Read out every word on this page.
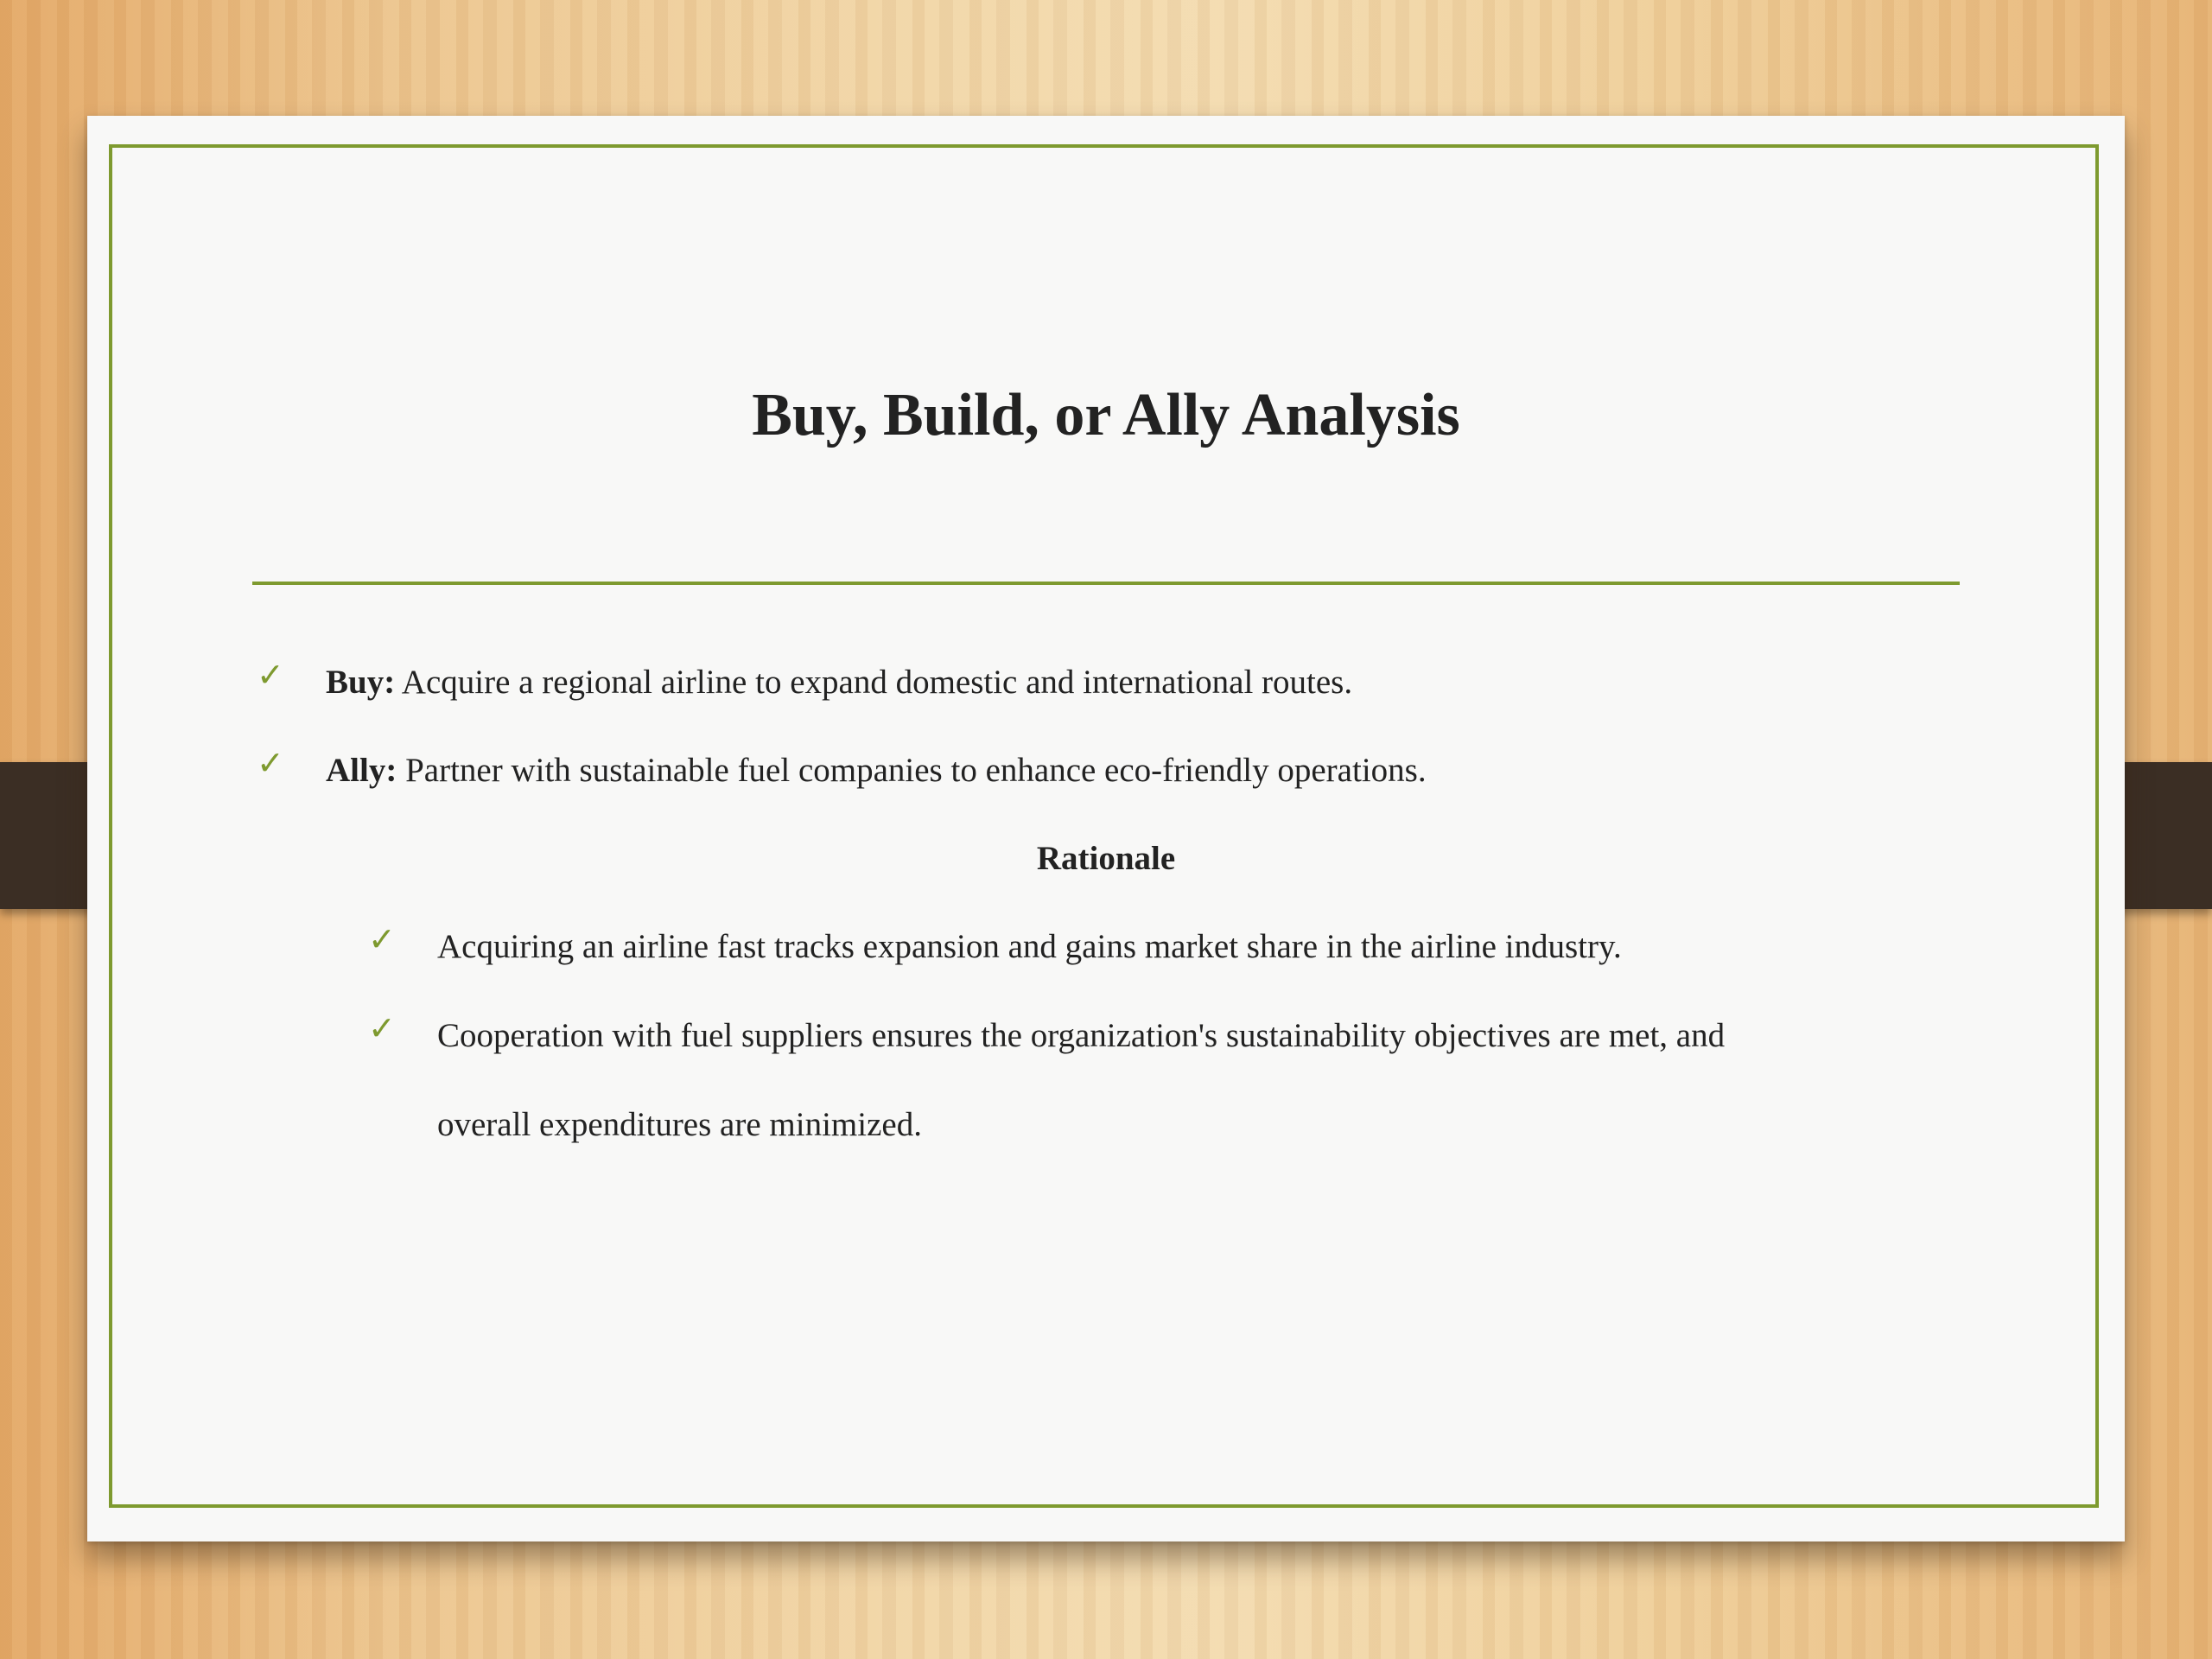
Buy, Build, or Ally Analysis
✓ Buy: Acquire a regional airline to expand domestic and international routes.
✓ Ally: Partner with sustainable fuel companies to enhance eco-friendly operations.
Rationale
✓ Acquiring an airline fast tracks expansion and gains market share in the airline industry.
✓ Cooperation with fuel suppliers ensures the organization's sustainability objectives are met, and
overall expenditures are minimized.
